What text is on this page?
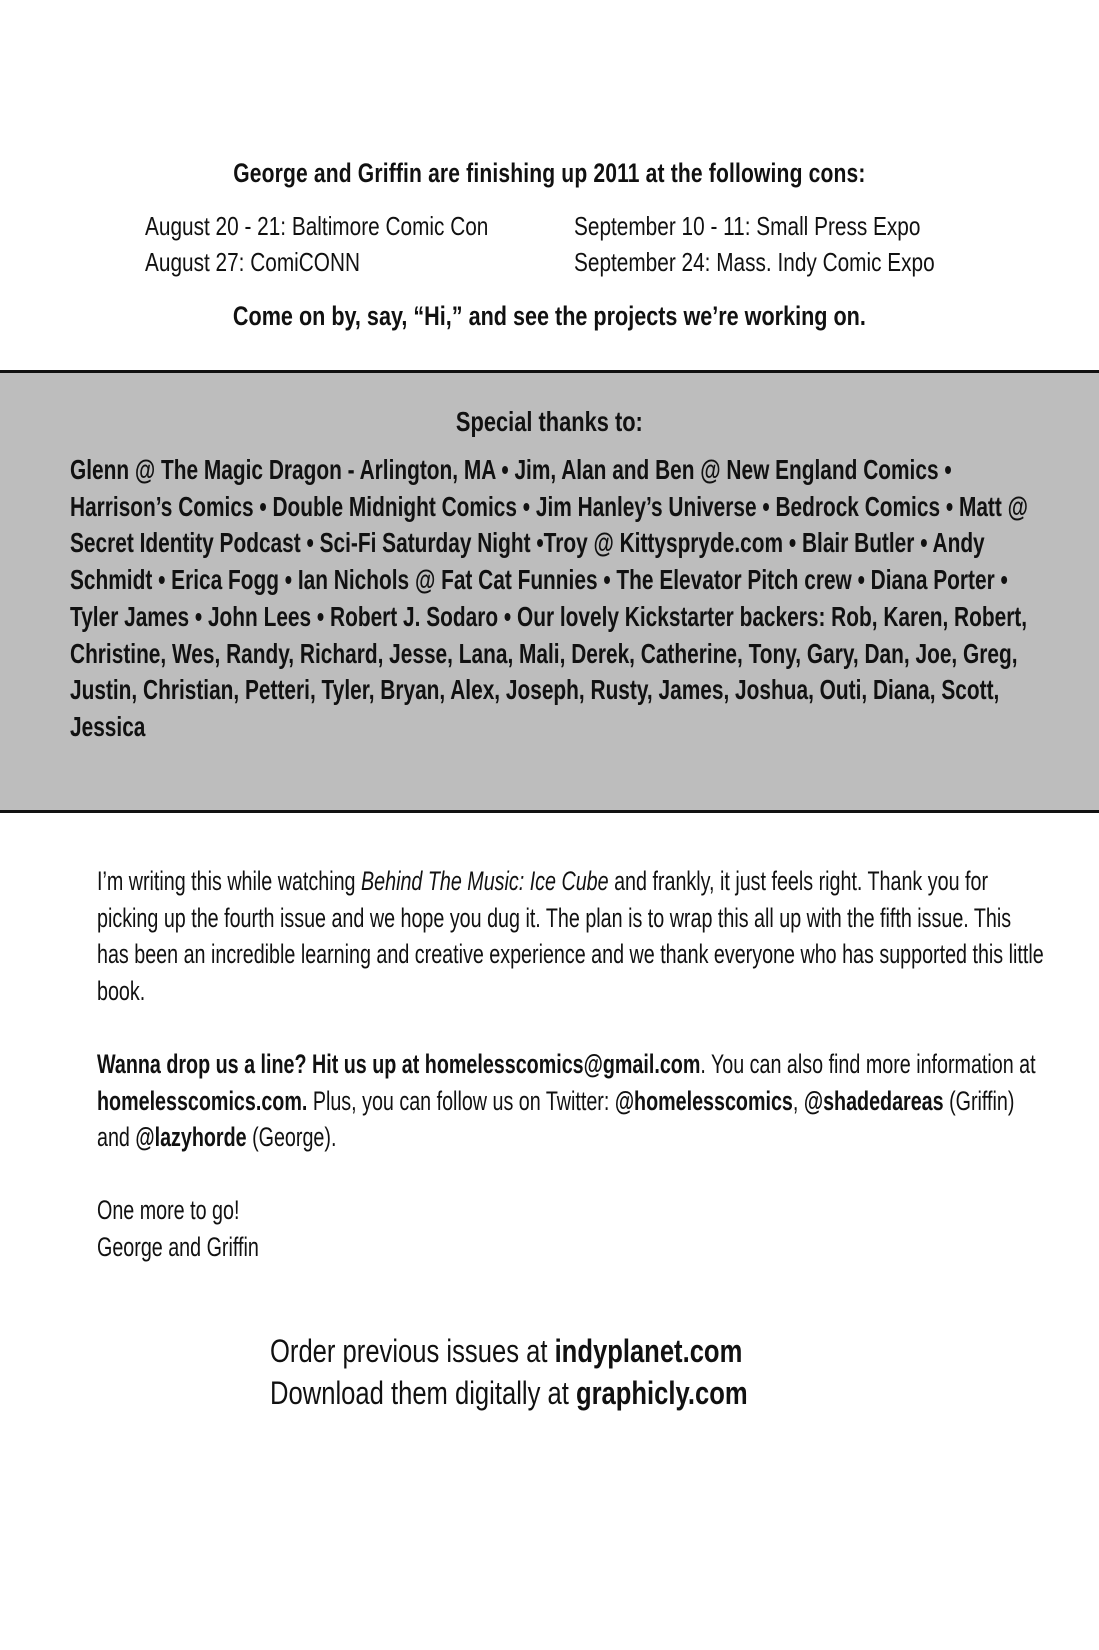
George and Griffin are finishing up 2011 at the following cons:
August 20 - 21: Baltimore Comic Con
August 27: ComiCONN
September 10 - 11: Small Press Expo
September 24: Mass. Indy Comic Expo
Come on by, say, “Hi,” and see the projects we’re working on.
Special thanks to:
Glenn @ The Magic Dragon - Arlington, MA • Jim, Alan and Ben @ New England Comics • Harrison’s Comics • Double Midnight Comics • Jim Hanley’s Universe • Bedrock Comics • Matt @ Secret Identity Podcast • Sci-Fi Saturday Night •Troy @ Kittyspryde.com • Blair Butler • Andy Schmidt • Erica Fogg • Ian Nichols @ Fat Cat Funnies • The Elevator Pitch crew • Diana Porter • Tyler James • John Lees • Robert J. Sodaro • Our lovely Kickstarter backers: Rob, Karen, Robert, Christine, Wes, Randy, Richard, Jesse, Lana, Mali, Derek, Catherine, Tony, Gary, Dan, Joe, Greg, Justin, Christian, Petteri, Tyler, Bryan, Alex, Joseph, Rusty, James, Joshua, Outi, Diana, Scott, Jessica

I’m writing this while watching Behind The Music: Ice Cube and frankly, it just feels right. Thank you for picking up the fourth issue and we hope you dug it. The plan is to wrap this all up with the fifth issue. This has been an incredible learning and creative experience and we thank everyone who has supported this little book.

Wanna drop us a line? Hit us up at homelesscomics@gmail.com. You can also find more information at homelesscomics.com. Plus, you can follow us on Twitter: @homelesscomics, @shadedareas (Griffin) and @lazyhorde (George).

One more to go!
George and Griffin
Order previous issues at indyplanet.com
Download them digitally at graphicly.com
